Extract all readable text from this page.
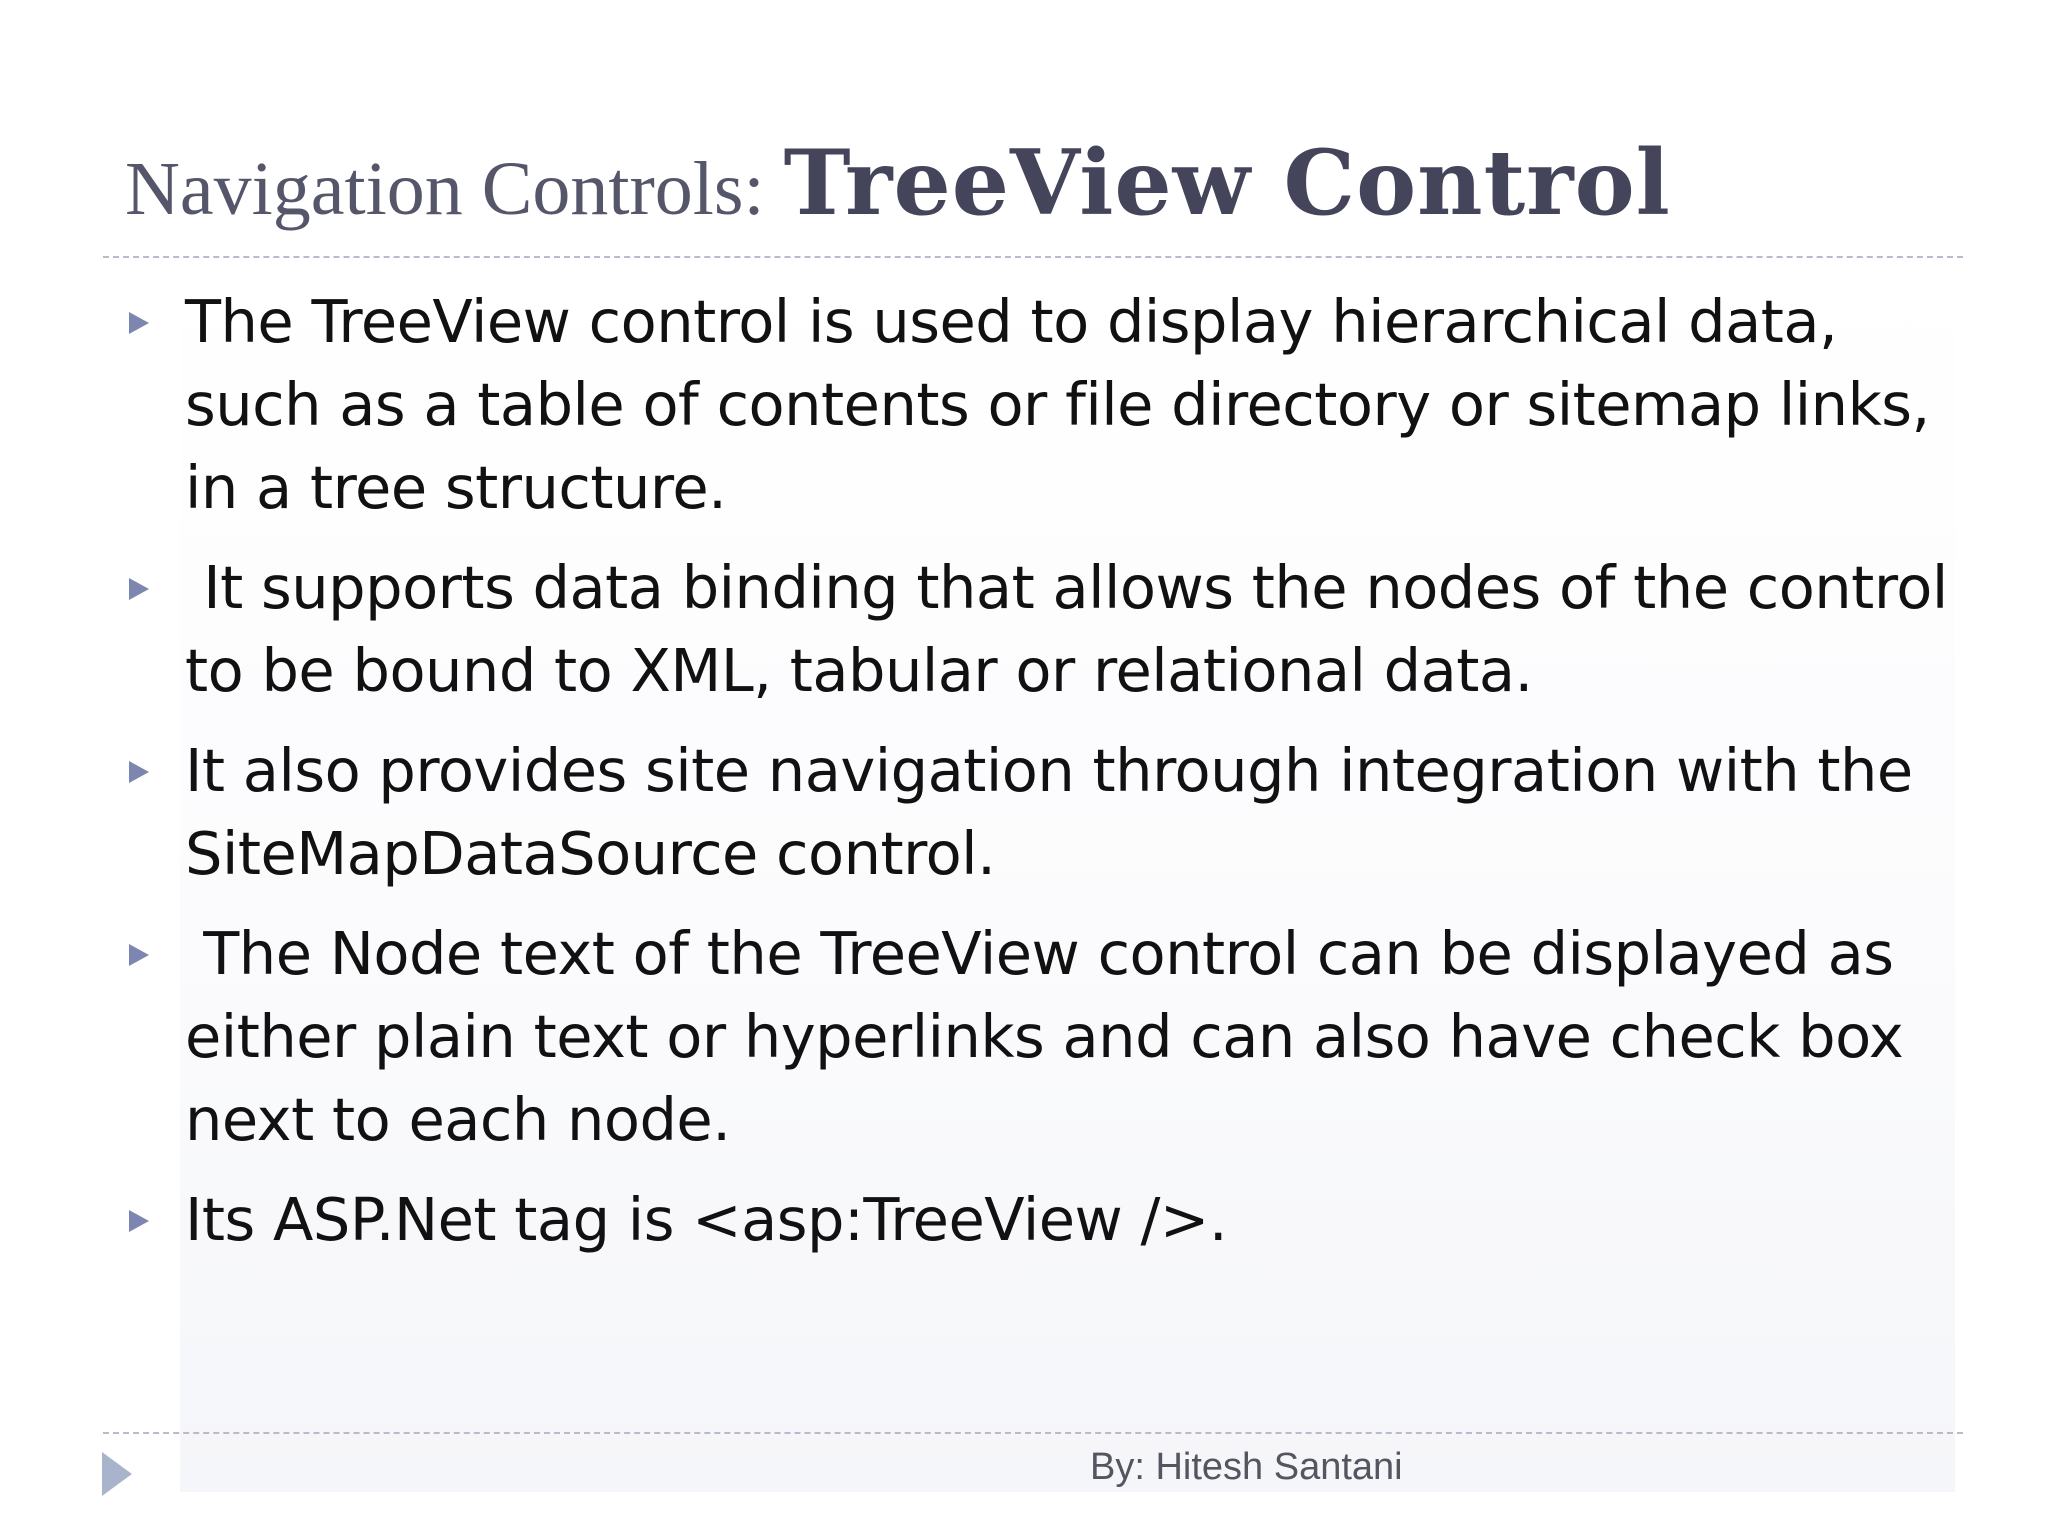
Navigation Controls: TreeView Control
The TreeView control is used to display hierarchical data, such as a table of contents or file directory or sitemap links, in a tree structure.
It supports data binding that allows the nodes of the control to be bound to XML, tabular or relational data.
It also provides site navigation through integration with the SiteMapDataSource control.
The Node text of the TreeView control can be displayed as either plain text or hyperlinks and can also have check box next to each node.
Its ASP.Net tag is <asp:TreeView />.
By: Hitesh Santani
